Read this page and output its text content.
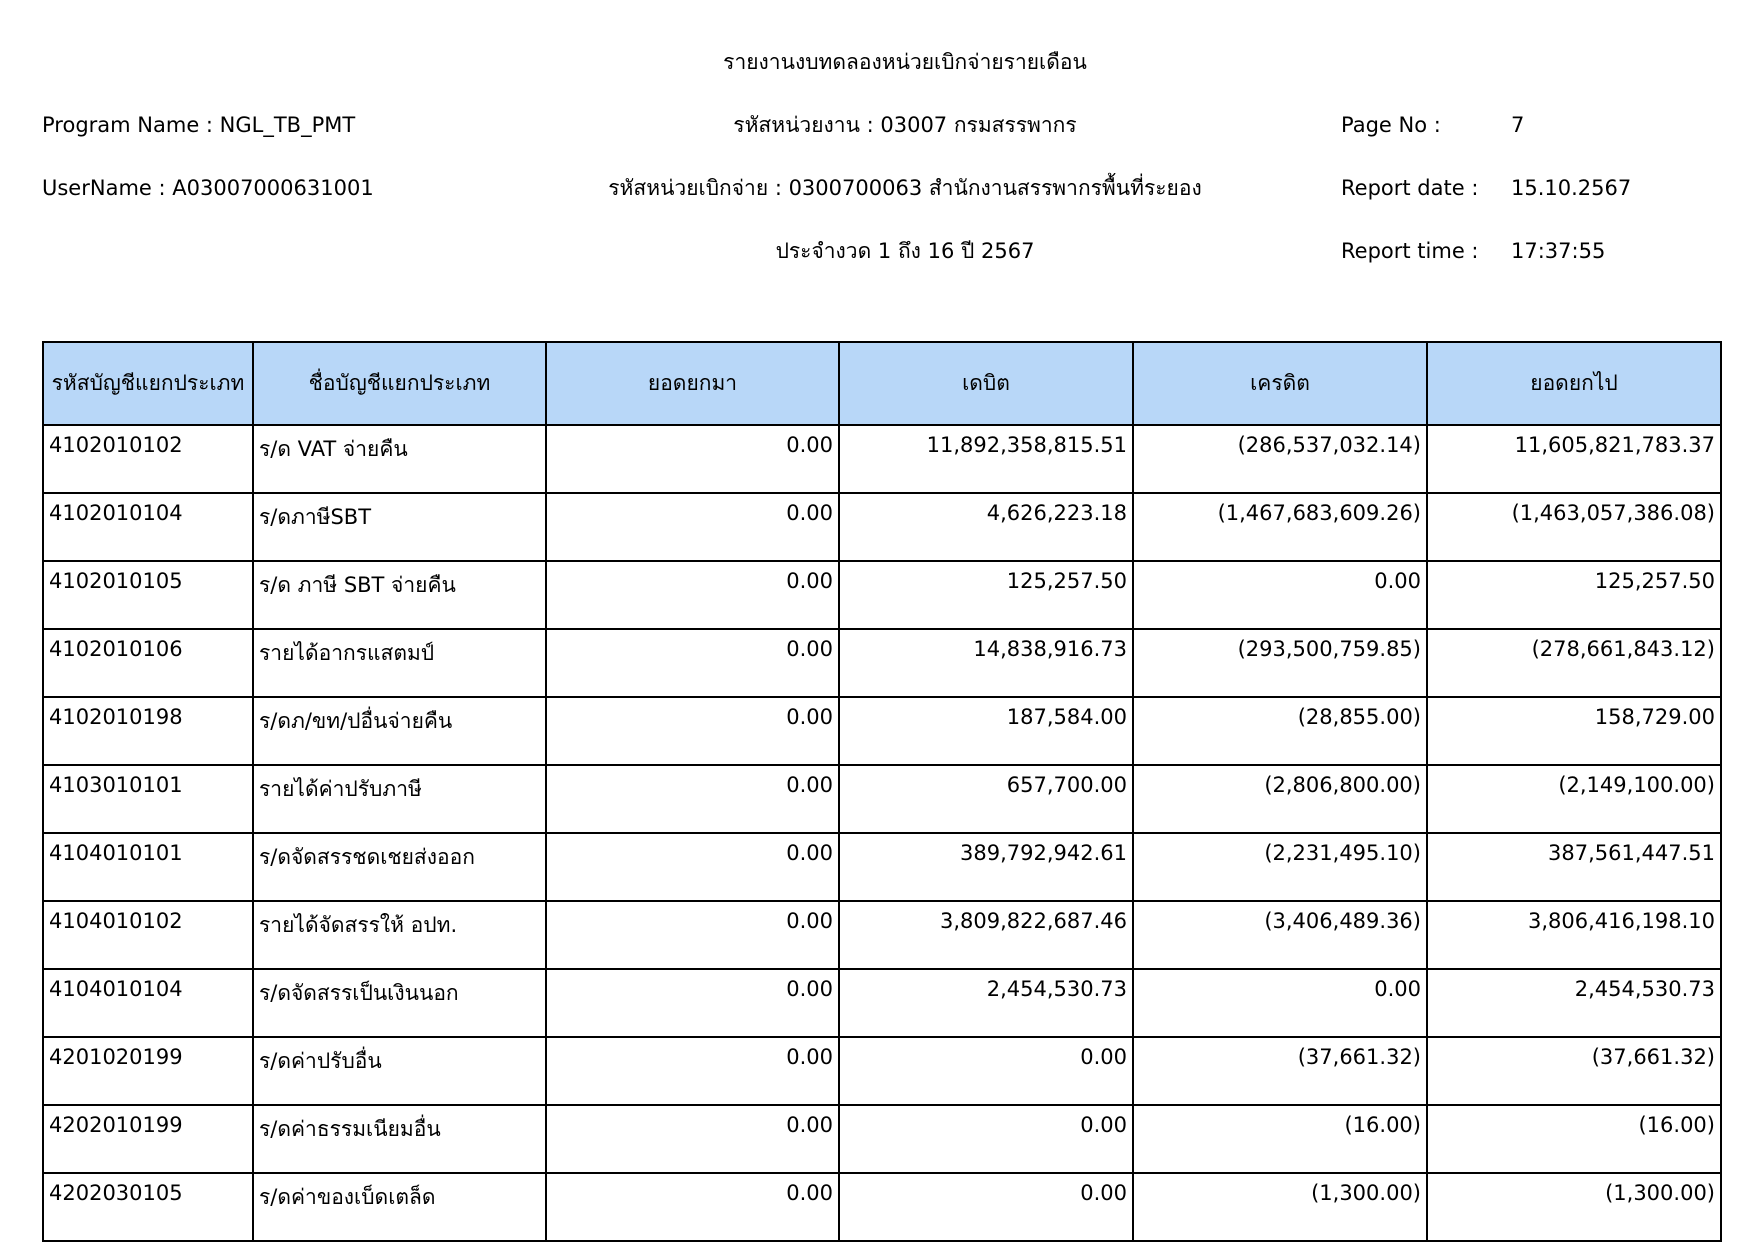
รายงานงบทดลองหน่วยเบิกจ่ายรายเดือน
Program Name : NGL_TB_PMT	รหัสหน่วยงาน : 03007 กรมสรรพากร	Page No :	7
UserName : A03007000631001	รหัสหน่วยเบิกจ่าย : 0300700063 สำนักงานสรรพากรพื้นที่ระยอง	Report date : 15.10.2567
ประจำงวด 1 ถึง 16 ปี 2567	Report time : 17:37:55
รหัสบัญชีแยกประเภท	ชื่อบัญชีแยกประเภท	ยอดยกมา	เดบิต	เครดิต	ยอดยกไป
4102010102	ร/ด VAT จ่ายคืน	0.00	11,892,358,815.51	(286,537,032.14)	11,605,821,783.37
4102010104	ร/ดภาษีSBT	0.00	4,626,223.18	(1,467,683,609.26)	(1,463,057,386.08)
4102010105	ร/ด ภาษี SBT จ่ายคืน	0.00	125,257.50	0.00	125,257.50
4102010106	รายได้อากรแสตมป์	0.00	14,838,916.73	(293,500,759.85)	(278,661,843.12)
4102010198	ร/ดภ/ขท/ปอื่นจ่ายคืน	0.00	187,584.00	(28,855.00)	158,729.00
4103010101	รายได้ค่าปรับภาษี	0.00	657,700.00	(2,806,800.00)	(2,149,100.00)
4104010101	ร/ดจัดสรรชดเชยส่งออก	0.00	389,792,942.61	(2,231,495.10)	387,561,447.51
4104010102	รายได้จัดสรรให้ อปท.	0.00	3,809,822,687.46	(3,406,489.36)	3,806,416,198.10
4104010104	ร/ดจัดสรรเป็นเงินนอก	0.00	2,454,530.73	0.00	2,454,530.73
4201020199	ร/ดค่าปรับอื่น	0.00	0.00	(37,661.32)	(37,661.32)
4202010199	ร/ดค่าธรรมเนียมอื่น	0.00	0.00	(16.00)	(16.00)
4202030105	ร/ดค่าของเบ็ดเตล็ด	0.00	0.00	(1,300.00)	(1,300.00)
